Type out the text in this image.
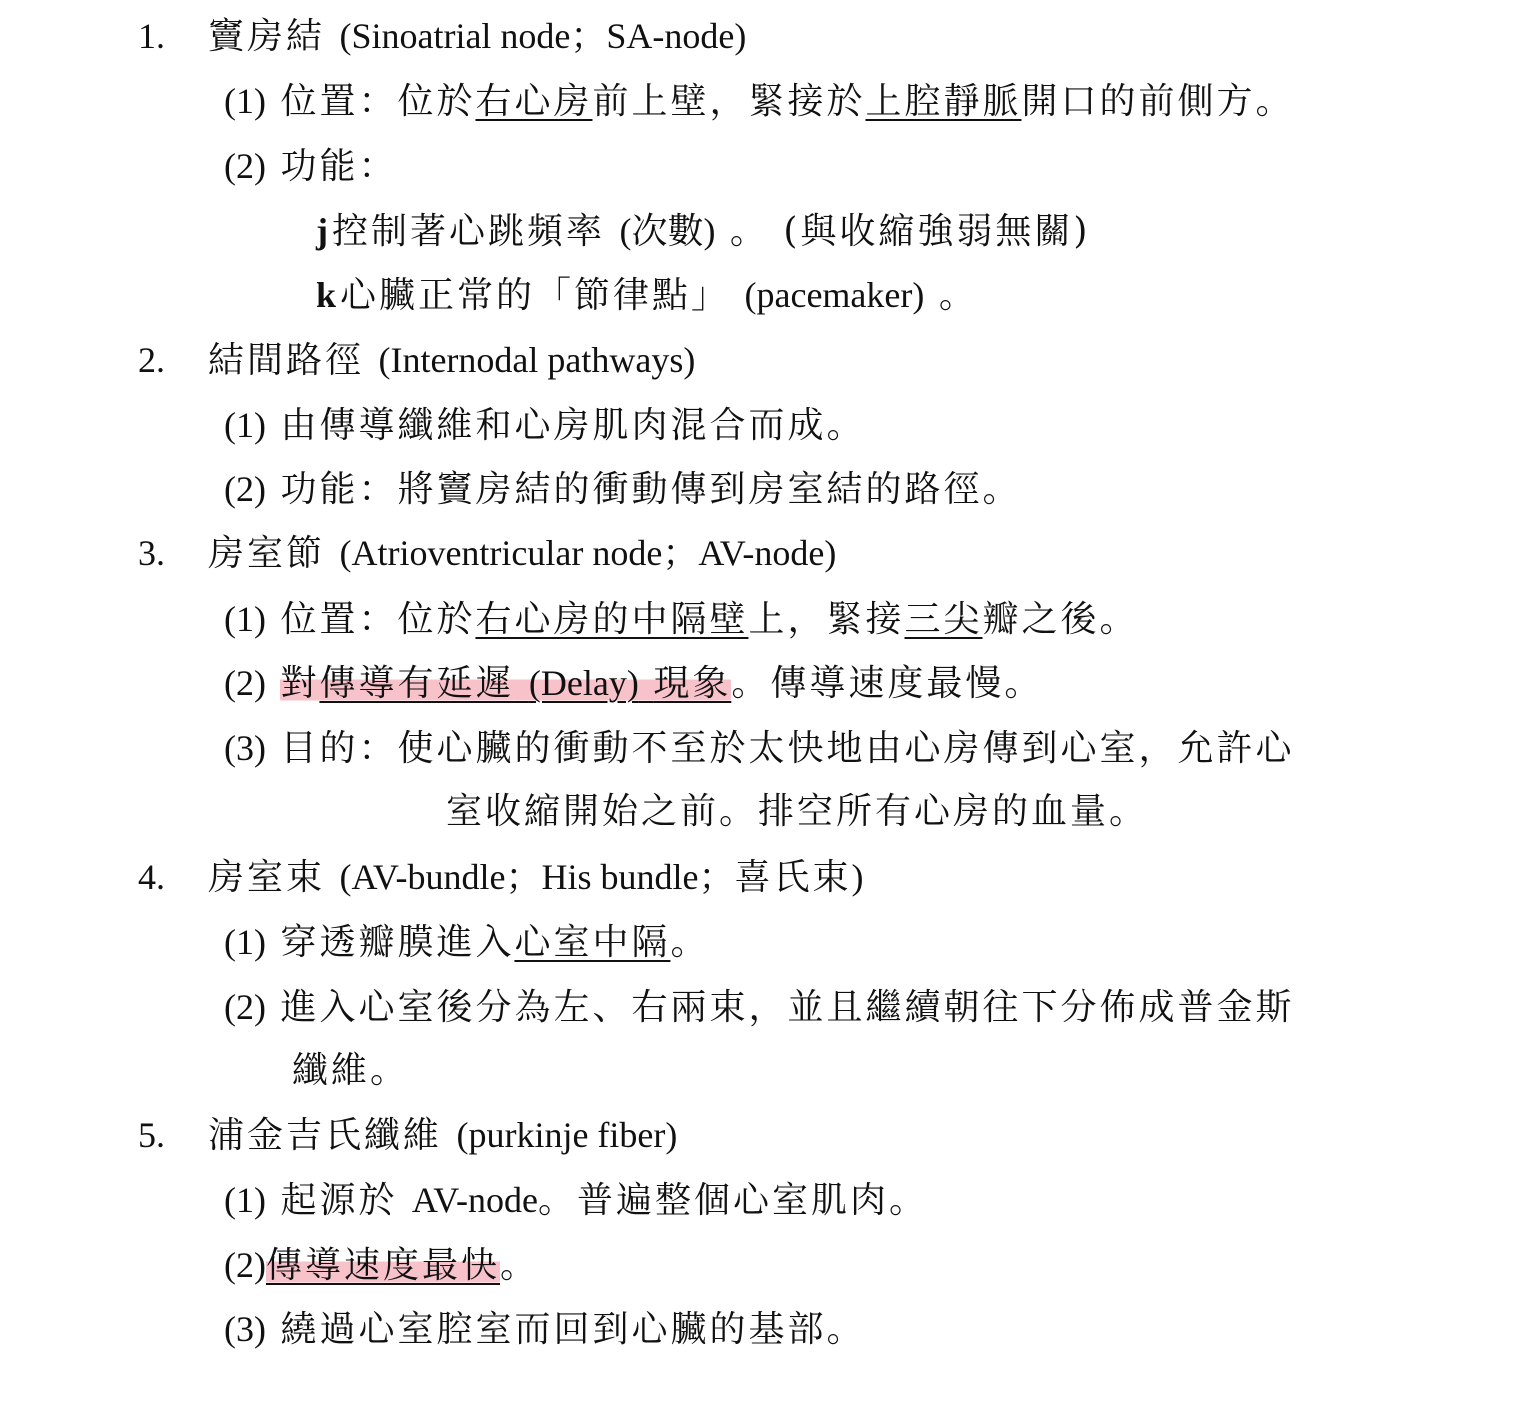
1. 竇房結 (Sinoatrial node；SA-node)
(1) 位置：位於右心房前上壁，緊接於上腔靜脈開口的前側方。
(2) 功能：
j 控制著心跳頻率 (次數) 。 (與收縮強弱無關)
k 心臟正常的「節律點」 (pacemaker) 。
2. 結間路徑 (Internodal pathways)
(1) 由傳導纖維和心房肌肉混合而成。
(2) 功能：將竇房結的衝動傳到房室結的路徑。
3. 房室節 (Atrioventricular node；AV-node)
(1) 位置：位於右心房的中隔壁上，緊接三尖瓣之後。
(2) 對傳導有延遲 (Delay) 現象。傳導速度最慢。
(3) 目的：使心臟的衝動不至於太快地由心房傳到心室，允許心
室收縮開始之前。排空所有心房的血量。
4. 房室束 (AV-bundle；His bundle；喜氏束)
(1) 穿透瓣膜進入心室中隔。
(2) 進入心室後分為左、右兩束，並且繼續朝往下分佈成普金斯
纖維。
5. 浦金吉氏纖維 (purkinje fiber)
(1) 起源於 AV-node。普遍整個心室肌肉。
(2)傳導速度最快。
(3) 繞過心室腔室而回到心臟的基部。
